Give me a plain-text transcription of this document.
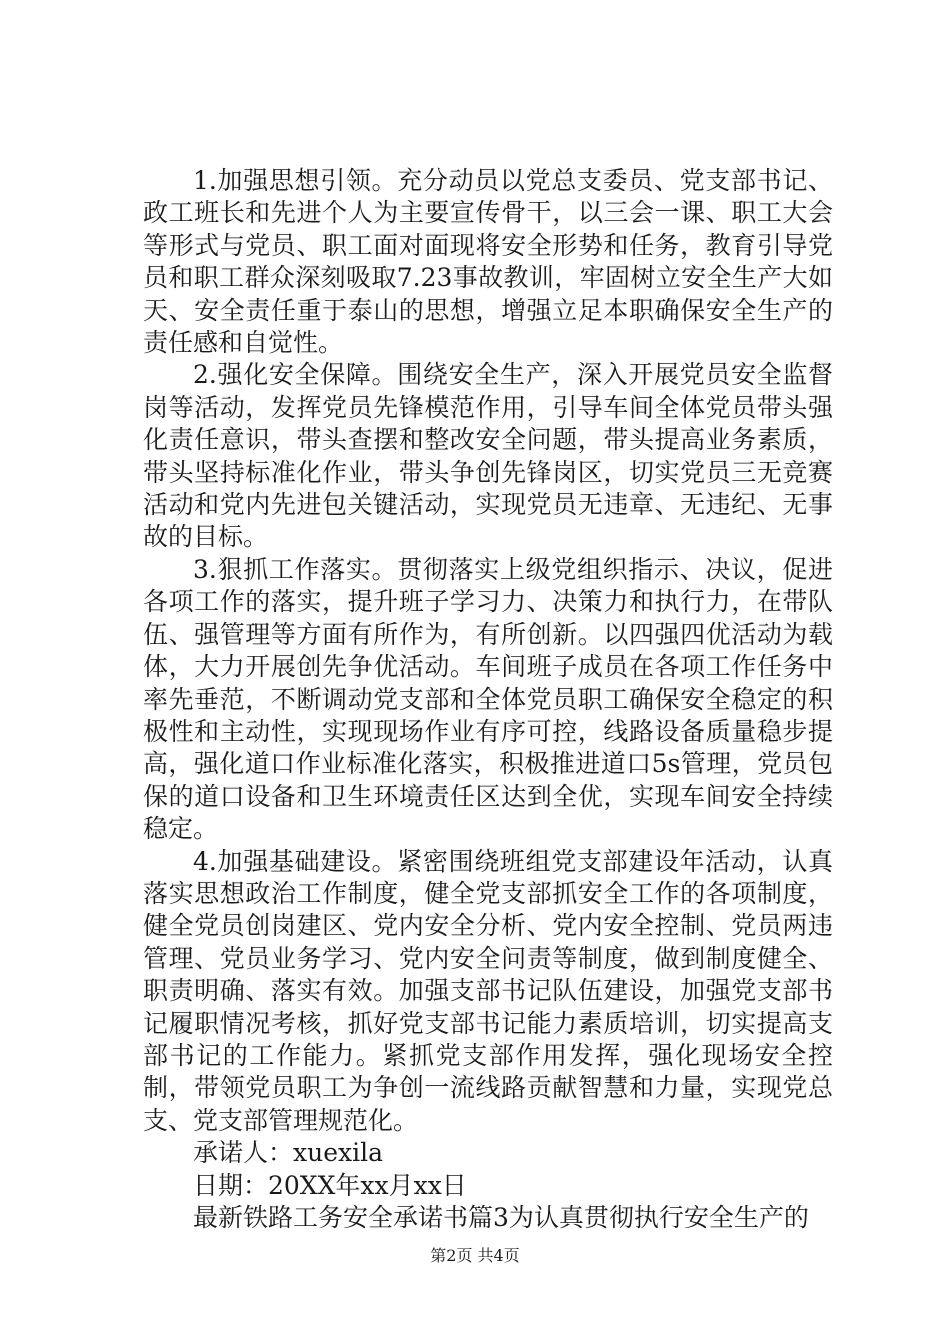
1.加强思想引领。充分动员以党总支委员、党支部书记、政工班长和先进个人为主要宣传骨干，以三会一课、职工大会等形式与党员、职工面对面现将安全形势和任务，教育引导党员和职工群众深刻吸取7.23事故教训，牢固树立安全生产大如天、安全责任重于泰山的思想，增强立足本职确保安全生产的责任感和自觉性。

2.强化安全保障。围绕安全生产，深入开展党员安全监督岗等活动，发挥党员先锋模范作用，引导车间全体党员带头强化责任意识，带头查摆和整改安全问题，带头提高业务素质，带头坚持标准化作业，带头争创先锋岗区，切实党员三无竞赛活动和党内先进包关键活动，实现党员无违章、无违纪、无事故的目标。

3.狠抓工作落实。贯彻落实上级党组织指示、决议，促进各项工作的落实，提升班子学习力、决策力和执行力，在带队伍、强管理等方面有所作为，有所创新。以四强四优活动为载体，大力开展创先争优活动。车间班子成员在各项工作任务中率先垂范，不断调动党支部和全体党员职工确保安全稳定的积极性和主动性，实现现场作业有序可控，线路设备质量稳步提高，强化道口作业标准化落实，积极推进道口5s管理，党员包保的道口设备和卫生环境责任区达到全优，实现车间安全持续稳定。

4.加强基础建设。紧密围绕班组党支部建设年活动，认真落实思想政治工作制度，健全党支部抓安全工作的各项制度，健全党员创岗建区、党内安全分析、党内安全控制、党员两违管理、党员业务学习、党内安全问责等制度，做到制度健全、职责明确、落实有效。加强支部书记队伍建设，加强党支部书记履职情况考核，抓好党支部书记能力素质培训，切实提高支部书记的工作能力。紧抓党支部作用发挥，强化现场安全控制，带领党员职工为争创一流线路贡献智慧和力量，实现党总支、党支部管理规范化。

承诺人：xuexila

日期：20XX年xx月xx日

最新铁路工务安全承诺书篇3为认真贯彻执行安全生产的

第2页 共4页
